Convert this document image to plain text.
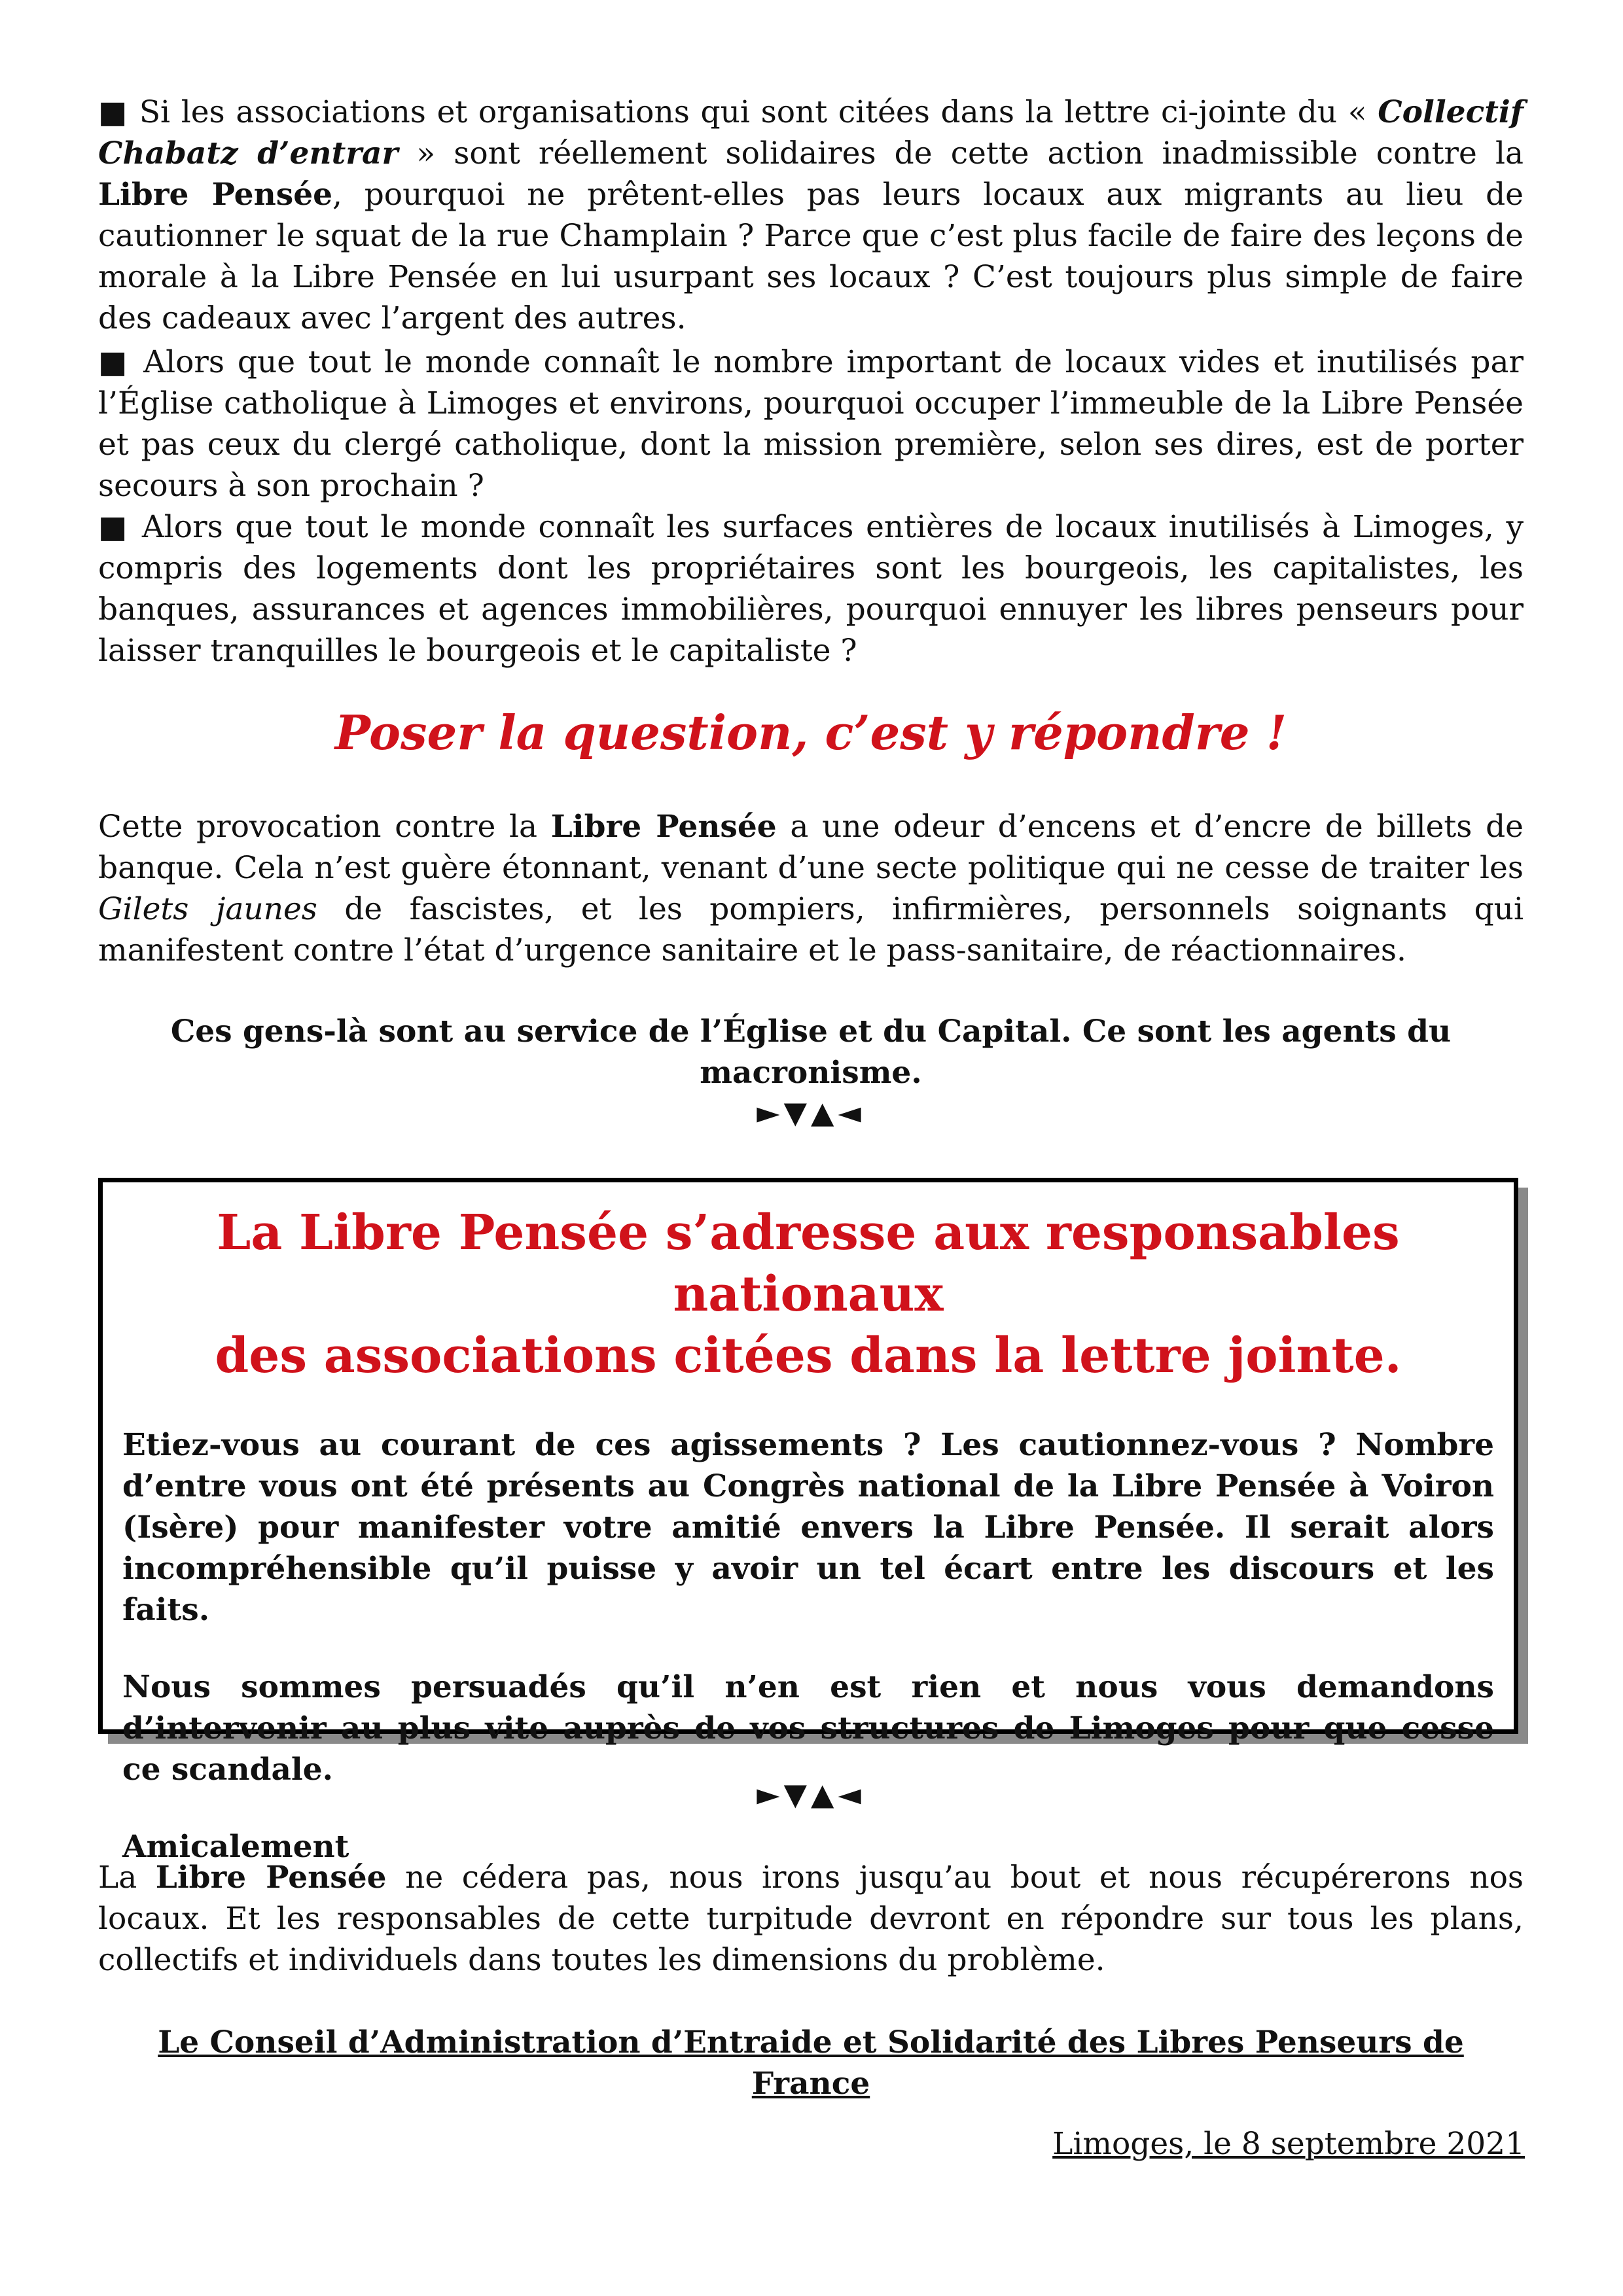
■ Si les associations et organisations qui sont citées dans la lettre ci-jointe du « Collectif Chabatz d’entrar » sont réellement solidaires de cette action inadmissible contre la Libre Pensée, pourquoi ne prêtent-elles pas leurs locaux aux migrants au lieu de cautionner le squat de la rue Champlain ? Parce que c’est plus facile de faire des leçons de morale à la Libre Pensée en lui usurpant ses locaux ? C’est toujours plus simple de faire des cadeaux avec l’argent des autres.

■ Alors que tout le monde connaît le nombre important de locaux vides et inutilisés par l’Église catholique à Limoges et environs, pourquoi occuper l’immeuble de la Libre Pensée et pas ceux du clergé catholique, dont la mission première, selon ses dires, est de porter secours à son prochain ?

■ Alors que tout le monde connaît les surfaces entières de locaux inutilisés à Limoges, y compris des logements dont les propriétaires sont les bourgeois, les capitalistes, les banques, assurances et agences immobilières, pourquoi ennuyer les libres penseurs pour laisser tranquilles le bourgeois et le capitaliste ?

Poser la question, c’est y répondre !

Cette provocation contre la Libre Pensée a une odeur d’encens et d’encre de billets de banque. Cela n’est guère étonnant, venant d’une secte politique qui ne cesse de traiter les Gilets jaunes de fascistes, et les pompiers, infirmières, personnels soignants qui manifestent contre l’état d’urgence sanitaire et le pass-sanitaire, de réactionnaires.

Ces gens-là sont au service de l’Église et du Capital. Ce sont les agents du macronisme.

►▼▲◄

La Libre Pensée s’adresse aux responsables nationaux
des associations citées dans la lettre jointe.

Etiez-vous au courant de ces agissements ? Les cautionnez-vous ? Nombre d’entre vous ont été présents au Congrès national de la Libre Pensée à Voiron (Isère) pour manifester votre amitié envers la Libre Pensée. Il serait alors incompréhensible qu’il puisse y avoir un tel écart entre les discours et les faits.

Nous sommes persuadés qu’il n’en est rien et nous vous demandons d’intervenir au plus vite auprès de vos structures de Limoges pour que cesse ce scandale.

Amicalement

►▼▲◄

La Libre Pensée ne cédera pas, nous irons jusqu’au bout et nous récupérerons nos locaux. Et les responsables de cette turpitude devront en répondre sur tous les plans, collectifs et individuels dans toutes les dimensions du problème.

Le Conseil d’Administration d’Entraide et Solidarité des Libres Penseurs de France

Limoges, le 8 septembre 2021
